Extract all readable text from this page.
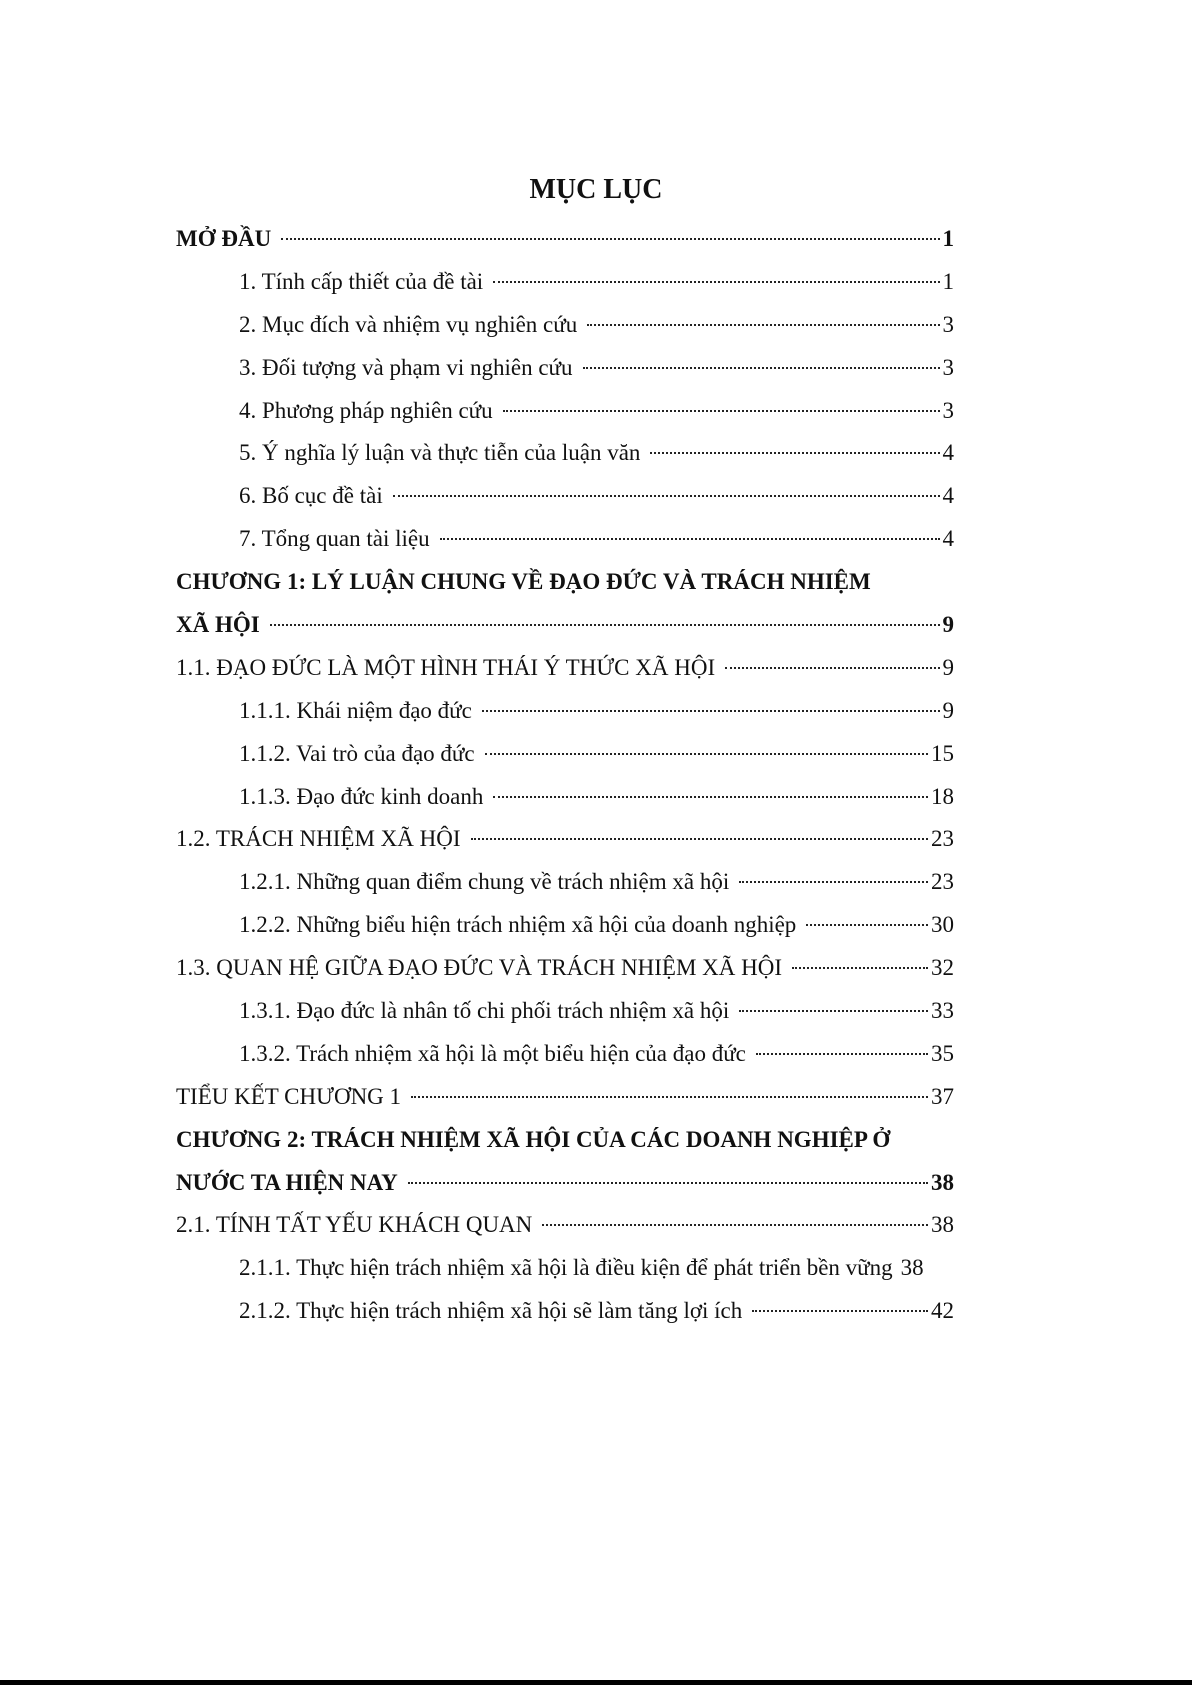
MỤC LỤC
MỞ ĐẦU	1
1. Tính cấp thiết của đề tài	1
2. Mục đích và nhiệm vụ nghiên cứu	3
3. Đối tượng và phạm vi nghiên cứu	3
4. Phương pháp nghiên cứu	3
5. Ý nghĩa lý luận và thực tiễn của luận văn	4
6. Bố cục đề tài	4
7. Tổng quan tài liệu	4
CHƯƠNG 1: LÝ LUẬN CHUNG VỀ ĐẠO ĐỨC VÀ TRÁCH NHIỆM
XÃ HỘI	9
1.1. ĐẠO ĐỨC LÀ MỘT HÌNH THÁI Ý THỨC XÃ HỘI	9
1.1.1. Khái niệm đạo đức	9
1.1.2. Vai trò của đạo đức	15
1.1.3. Đạo đức kinh doanh	18
1.2. TRÁCH NHIỆM XÃ HỘI	23
1.2.1. Những quan điểm chung về trách nhiệm xã hội	23
1.2.2. Những biểu hiện trách nhiệm xã hội của doanh nghiệp	30
1.3. QUAN HỆ GIỮA ĐẠO ĐỨC VÀ TRÁCH NHIỆM XÃ HỘI	32
1.3.1. Đạo đức là nhân tố chi phối trách nhiệm xã hội	33
1.3.2. Trách nhiệm xã hội là một biểu hiện của đạo đức	35
TIỂU KẾT CHƯƠNG 1	37
CHƯƠNG 2: TRÁCH NHIỆM XÃ HỘI CỦA CÁC DOANH NGHIỆP Ở
NƯỚC TA HIỆN NAY	38
2.1. TÍNH TẤT YẾU KHÁCH QUAN	38
2.1.1. Thực hiện trách nhiệm xã hội là điều kiện để phát triển bền vững 38
2.1.2. Thực hiện trách nhiệm xã hội sẽ làm tăng lợi ích	42
